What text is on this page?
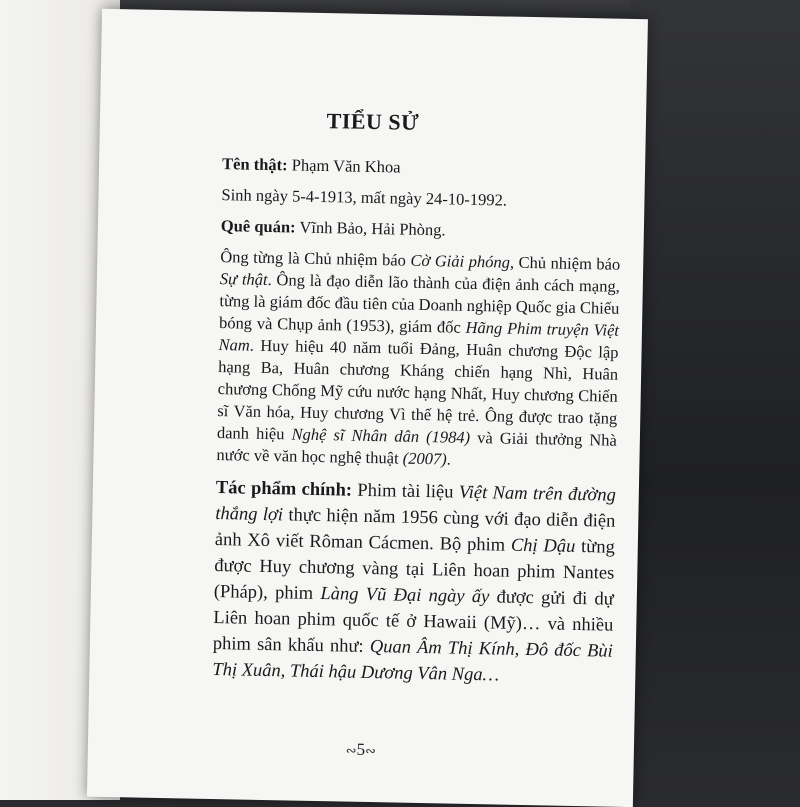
TIỂU SỬ

Tên thật: Phạm Văn Khoa

Sinh ngày 5-4-1913, mất ngày 24-10-1992.

Quê quán: Vĩnh Bảo, Hải Phòng.

Ông từng là Chủ nhiệm báo Cờ Giải phóng, Chủ nhiệm báo Sự thật. Ông là đạo diễn lão thành của điện ảnh cách mạng, từng là giám đốc đầu tiên của Doanh nghiệp Quốc gia Chiếu bóng và Chụp ảnh (1953), giám đốc Hãng Phim truyện Việt Nam. Huy hiệu 40 năm tuổi Đảng, Huân chương Độc lập hạng Ba, Huân chương Kháng chiến hạng Nhì, Huân chương Chống Mỹ cứu nước hạng Nhất, Huy chương Chiến sĩ Văn hóa, Huy chương Vì thế hệ trẻ. Ông được trao tặng danh hiệu Nghệ sĩ Nhân dân (1984) và Giải thưởng Nhà nước về văn học nghệ thuật (2007).

Tác phẩm chính: Phim tài liệu Việt Nam trên đường thắng lợi thực hiện năm 1956 cùng với đạo diễn điện ảnh Xô viết Rôman Cácmen. Bộ phim Chị Dậu từng được Huy chương vàng tại Liên hoan phim Nantes (Pháp), phim Làng Vũ Đại ngày ấy được gửi đi dự Liên hoan phim quốc tế ở Hawaii (Mỹ)… và nhiều phim sân khấu như: Quan Âm Thị Kính, Đô đốc Bùi Thị Xuân, Thái hậu Dương Vân Nga…

∾5∾
